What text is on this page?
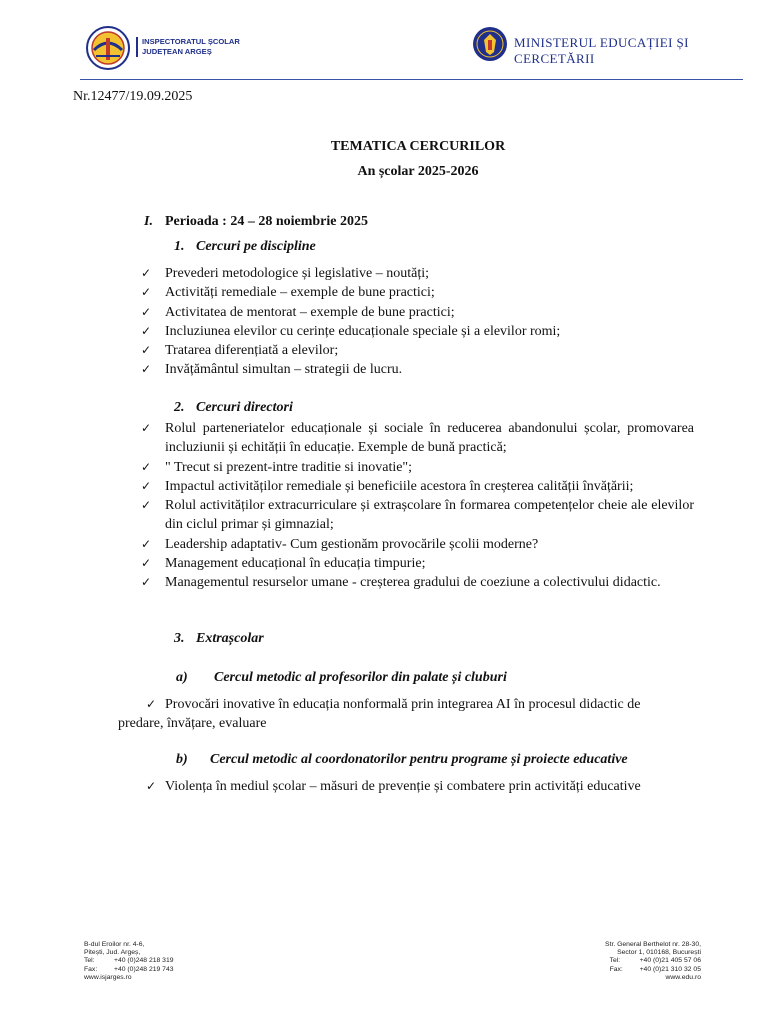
INSPECTORATUL ȘCOLAR
JUDEȚEAN ARGEȘ
MINISTERUL EDUCAȚIEI ȘI CERCETĂRII
Nr.12477/19.09.2025
TEMATICA CERCURILOR
An școlar 2025-2026
I. Perioada : 24 – 28 noiembrie 2025
1. Cercuri pe discipline
✓ Prevederi metodologice și legislative – noutăți;
✓ Activități remediale – exemple de bune practici;
✓ Activitatea de mentorat – exemple de bune practici;
✓ Incluziunea elevilor cu cerințe educaționale speciale și a elevilor romi;
✓ Tratarea diferențiată a elevilor;
✓ Invățământul simultan – strategii de lucru.
2. Cercuri directori
✓ Rolul parteneriatelor educaționale și sociale în reducerea abandonului școlar, promovarea incluziunii și echității în educație. Exemple de bună practică;
✓ " Trecut si prezent-intre traditie si inovatie";
✓ Impactul activităților remediale și beneficiile acestora în creșterea calității învățării;
✓ Rolul activităților extracurriculare și extrașcolare în formarea competențelor cheie ale elevilor din ciclul primar și gimnazial;
✓ Leadership adaptativ- Cum gestionăm provocările școlii moderne?
✓ Management educațional în educația timpurie;
✓ Managementul resurselor umane - creșterea gradului de coeziune a colectivului didactic.
3. Extrașcolar
a) Cercul metodic al profesorilor din palate și cluburi
✓ Provocări inovative în educația nonformală prin integrarea AI în procesul didactic de
predare, învățare, evaluare
b) Cercul metodic al coordonatorilor pentru programe și proiecte educative
✓ Violența în mediul școlar – măsuri de prevenție și combatere prin activități educative
B-dul Eroilor nr. 4-6,
Pitești, Jud. Argeș,
Tel:	+40 (0)248 218 319
Fax: +40 (0)248 219 743
www.isjarges.ro
Str. General Berthelot nr. 28-30,
Sector 1, 010168, București
Tel:	+40 (0)21 405 57 06
Fax: +40 (0)21 310 32 05
www.edu.ro
